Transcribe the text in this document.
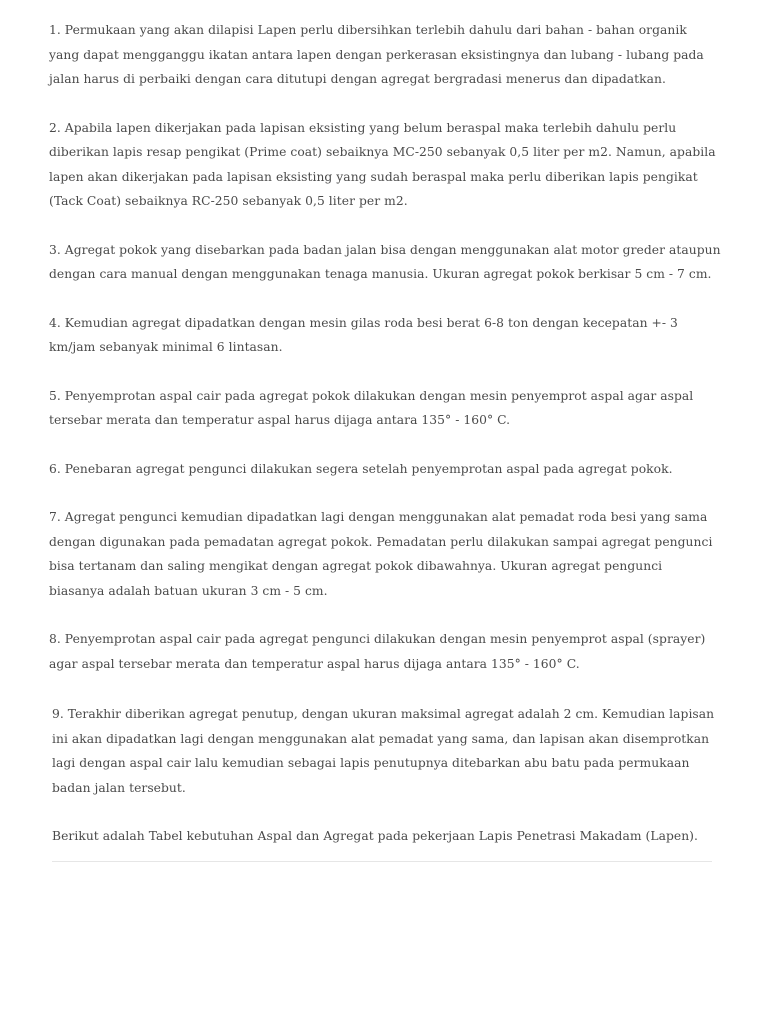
1. Permukaan yang akan dilapisi Lapen perlu dibersihkan terlebih dahulu dari bahan - bahan organik yang dapat mengganggu ikatan antara lapen dengan perkerasan eksistingnya dan lubang - lubang pada jalan harus di perbaiki dengan cara ditutupi dengan agregat bergradasi menerus dan dipadatkan.

2. Apabila lapen dikerjakan pada lapisan eksisting yang belum beraspal maka terlebih dahulu perlu diberikan lapis resap pengikat (Prime coat) sebaiknya MC-250 sebanyak 0,5 liter per m2. Namun, apabila lapen akan dikerjakan pada lapisan eksisting yang sudah beraspal maka perlu diberikan lapis pengikat (Tack Coat) sebaiknya RC-250 sebanyak 0,5 liter per m2.

3. Agregat pokok yang disebarkan pada badan jalan bisa dengan menggunakan alat motor greder ataupun dengan cara manual dengan menggunakan tenaga manusia. Ukuran agregat pokok berkisar 5 cm - 7 cm.

4. Kemudian agregat dipadatkan dengan mesin gilas roda besi berat 6-8 ton dengan kecepatan +- 3 km/jam sebanyak minimal 6 lintasan.

5. Penyemprotan aspal cair pada agregat pokok dilakukan dengan mesin penyemprot aspal agar aspal tersebar merata dan temperatur aspal harus dijaga antara 135° - 160° C.

6. Penebaran agregat pengunci dilakukan segera setelah penyemprotan aspal pada agregat pokok.

7. Agregat pengunci kemudian dipadatkan lagi dengan menggunakan alat pemadat roda besi yang sama dengan digunakan pada pemadatan agregat pokok. Pemadatan perlu dilakukan sampai agregat pengunci bisa tertanam dan saling mengikat dengan agregat pokok dibawahnya. Ukuran agregat pengunci biasanya adalah batuan ukuran 3 cm - 5 cm.

8. Penyemprotan aspal cair pada agregat pengunci dilakukan dengan mesin penyemprot aspal (sprayer) agar aspal tersebar merata dan temperatur aspal harus dijaga antara 135° - 160° C.

9. Terakhir diberikan agregat penutup, dengan ukuran maksimal agregat adalah 2 cm. Kemudian lapisan ini akan dipadatkan lagi dengan menggunakan alat pemadat yang sama, dan lapisan akan disemprotkan lagi dengan aspal cair lalu kemudian sebagai lapis penutupnya ditebarkan abu batu pada permukaan badan jalan tersebut.

Berikut adalah Tabel kebutuhan Aspal dan Agregat pada pekerjaan Lapis Penetrasi Makadam (Lapen).
